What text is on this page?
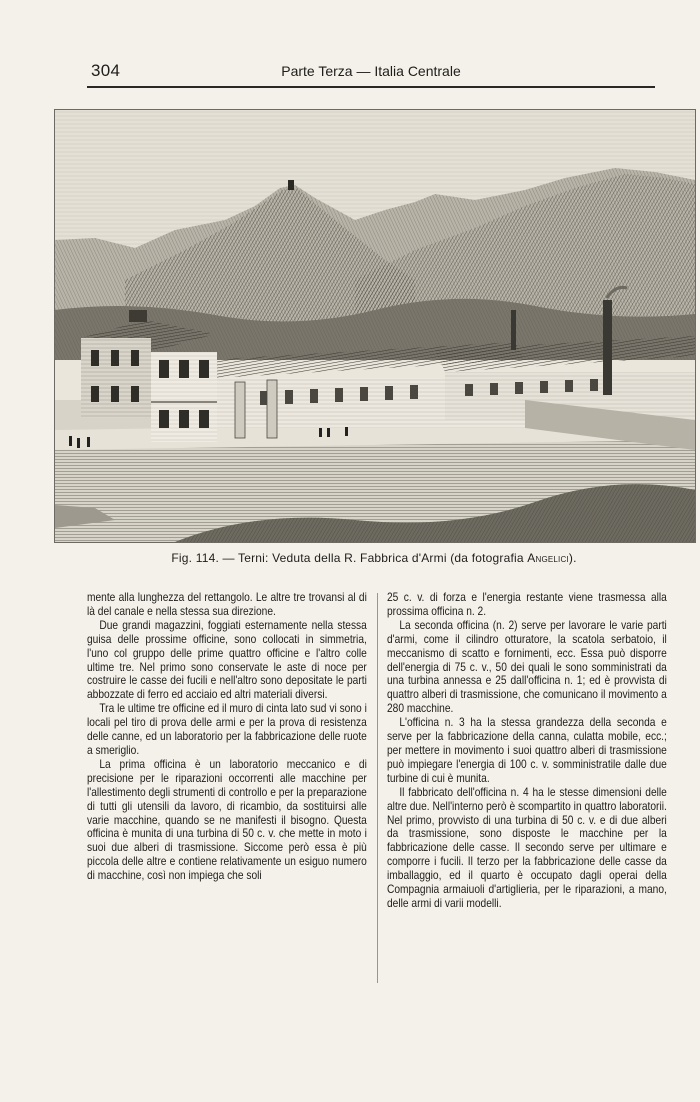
304	Parte Terza — Italia Centrale
Fig. 114. — Terni: Veduta della R. Fabbrica d'Armi (da fotografia Angelici).

mente alla lunghezza del rettangolo. Le altre tre trovansi al di là del canale e nella stessa sua direzione.

Due grandi magazzini, foggiati esternamente nella stessa guisa delle prossime officine, sono collocati in simmetria, l'uno col gruppo delle prime quattro officine e l'altro colle ultime tre. Nel primo sono conservate le aste di noce per costruire le casse dei fucili e nell'altro sono depositate le parti abbozzate di ferro ed acciaio ed altri materiali diversi.

Tra le ultime tre officine ed il muro di cinta lato sud vi sono i locali pel tiro di prova delle armi e per la prova di resistenza delle canne, ed un laboratorio per la fabbricazione delle ruote a smeriglio.

La prima officina è un laboratorio meccanico e di precisione per le riparazioni occorrenti alle macchine per l'allestimento degli strumenti di controllo e per la preparazione di tutti gli utensili da lavoro, di ricambio, da sostituirsi alle varie macchine, quando se ne manifesti il bisogno. Questa officina è munita di una turbina di 50 c. v. che mette in moto i suoi due alberi di trasmissione. Siccome però essa è più piccola delle altre e contiene relativamente un esiguo numero di macchine, così non impiega che soli

25 c. v. di forza e l'energia restante viene trasmessa alla prossima officina n. 2.

La seconda officina (n. 2) serve per lavorare le varie parti d'armi, come il cilindro otturatore, la scatola serbatoio, il meccanismo di scatto e fornimenti, ecc. Essa può disporre dell'energia di 75 c. v., 50 dei quali le sono somministrati da una turbina annessa e 25 dall'officina n. 1; ed è provvista di quattro alberi di trasmissione, che comunicano il movimento a 280 macchine.

L'officina n. 3 ha la stessa grandezza della seconda e serve per la fabbricazione della canna, culatta mobile, ecc.; per mettere in movimento i suoi quattro alberi di trasmissione può impiegare l'energia di 100 c. v. somministratile dalle due turbine di cui è munita.

Il fabbricato dell'officina n. 4 ha le stesse dimensioni delle altre due. Nell'interno però è scompartito in quattro laboratorii. Nel primo, provvisto di una turbina di 50 c. v. e di due alberi da trasmissione, sono disposte le macchine per la fabbricazione delle casse. Il secondo serve per ultimare e comporre i fucili. Il terzo per la fabbricazione delle casse da imballaggio, ed il quarto è occupato dagli operai della Compagnia armaiuoli d'artiglieria, per le riparazioni, a mano, delle armi di varii modelli.
